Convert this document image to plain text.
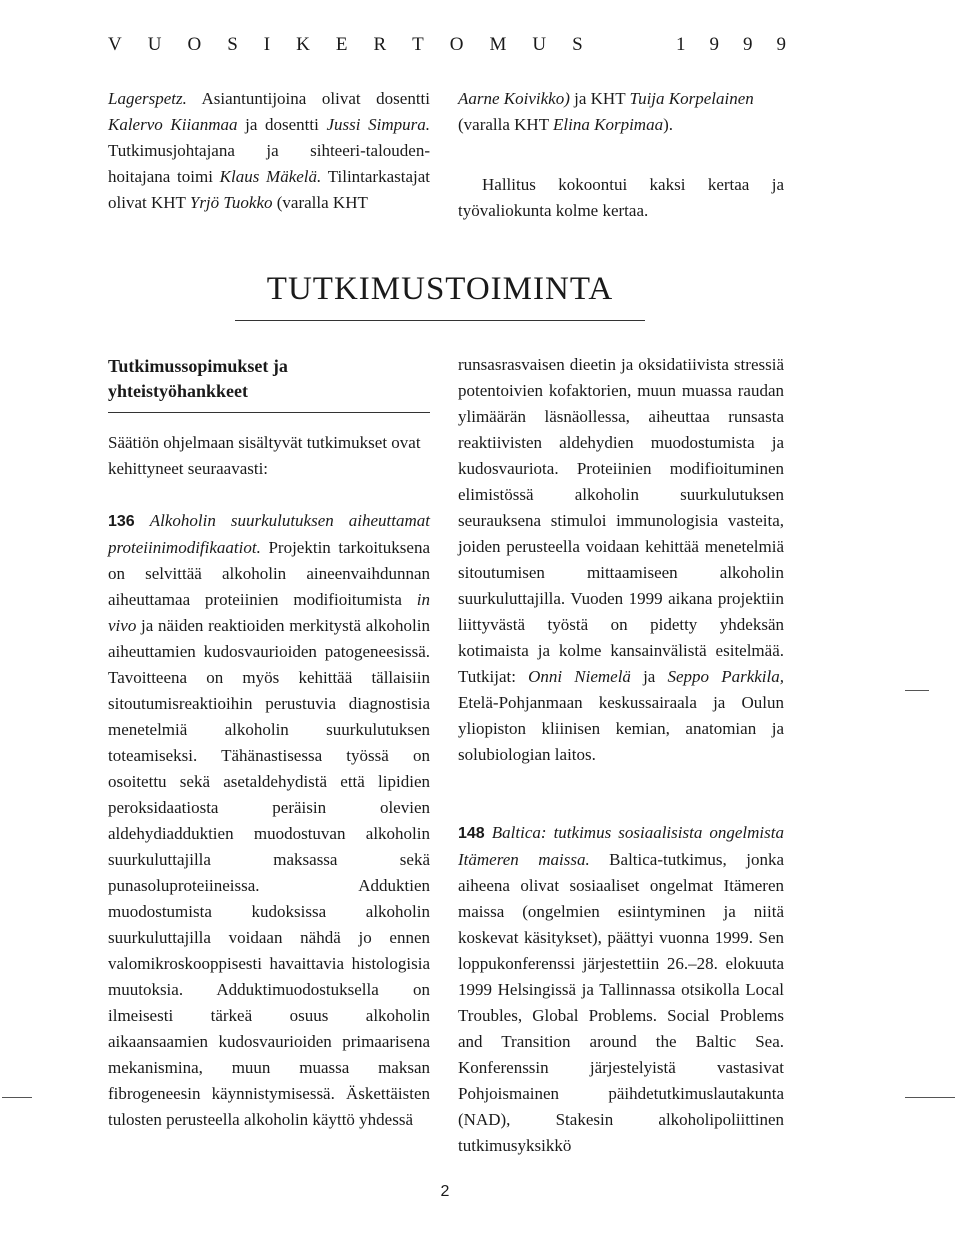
V U O S I K E R T O M U S	1 9 9 9

Lagerspetz. Asiantuntijoina olivat dosentti Kalervo Kiianmaa ja dosentti Jussi Simpura. Tutkimusjohtajana ja sihteeri-talouden-hoitajana toimi Klaus Mäkelä. Tilintarkastajat olivat KHT Yrjö Tuokko (varalla KHT

Aarne Koivikko) ja KHT Tuija Korpelainen (varalla KHT Elina Korpimaa).

Hallitus kokoontui kaksi kertaa ja työvaliokunta kolme kertaa.

TUTKIMUSTOIMINTA
Tutkimussopimukset ja yhteistyöhankkeet

Säätiön ohjelmaan sisältyvät tutkimukset ovat kehittyneet seuraavasti:

136 Alkoholin suurkulutuksen aiheuttamat proteiinimodifikaatiot. Projektin tarkoituksena on selvittää alkoholin aineenvaihdunnan aiheuttamaa proteiinien modifioitumista in vivo ja näiden reaktioiden merkitystä alkoholin aiheuttamien kudosvaurioiden patogeneesissä. Tavoitteena on myös kehittää tällaisiin sitoutumisreaktioihin perustuvia diagnostisia menetelmiä alkoholin suurkulutuksen toteamiseksi. Tähänastisessa työssä on osoitettu sekä asetaldehydistä että lipidien peroksidaatiosta peräisin olevien aldehydiadduktien muodostuvan alkoholin suurkuluttajilla maksassa sekä punasoluproteiineissa. Adduktien muodostumista kudoksissa alkoholin suurkuluttajilla voidaan nähdä jo ennen valomikroskooppisesti havaittavia histologisia muutoksia. Adduktimuodostuksella on ilmeisesti tärkeä osuus alkoholin aikaansaamien kudosvaurioiden primaarisena mekanismina, muun muassa maksan fibrogeneesin käynnistymisessä. Äskettäisten tulosten perusteella alkoholin käyttö yhdessä

runsasrasvaisen dieetin ja oksidatiivista stressiä potentoivien kofaktorien, muun muassa raudan ylimäärän läsnäollessa, aiheuttaa runsasta reaktiivisten aldehydien muodostumista ja kudosvauriota. Proteiinien modifioituminen elimistössä alkoholin suurkulutuksen seurauksena stimuloi immunologisia vasteita, joiden perusteella voidaan kehittää menetelmiä sitoutumisen mittaamiseen alkoholin suurkuluttajilla. Vuoden 1999 aikana projektiin liittyvästä työstä on pidetty yhdeksän kotimaista ja kolme kansainvälistä esitelmää. Tutkijat: Onni Niemelä ja Seppo Parkkila, Etelä-Pohjanmaan keskussairaala ja Oulun yliopiston kliinisen kemian, anatomian ja solubiologian laitos.

148 Baltica: tutkimus sosiaalisista ongelmista Itämeren maissa. Baltica-tutkimus, jonka aiheena olivat sosiaaliset ongelmat Itämeren maissa (ongelmien esiintyminen ja niitä koskevat käsitykset), päättyi vuonna 1999. Sen loppukonferenssi järjestettiin 26.–28. elokuuta 1999 Helsingissä ja Tallinnassa otsikolla Local Troubles, Global Problems. Social Problems and Transition around the Baltic Sea. Konferenssin järjestelyistä vastasivat Pohjoismainen päihdetutkimuslautakunta (NAD), Stakesin alkoholipoliittinen tutkimusyksikkö

2
